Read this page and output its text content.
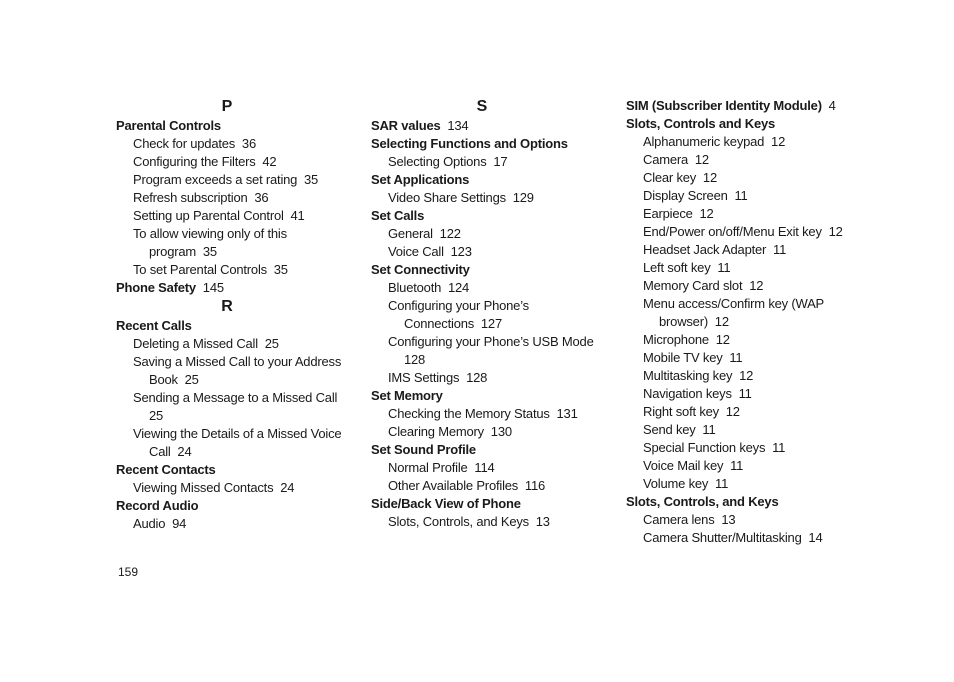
P
Parental Controls
Check for updates  36
Configuring the Filters  42
Program exceeds a set rating  35
Refresh subscription  36
Setting up Parental Control  41
To allow viewing only of this
program  35
To set Parental Controls  35
Phone Safety 145
R
Recent Calls
Deleting a Missed Call  25
Saving a Missed Call to your Address
Book  25
Sending a Message to a Missed Call
25
Viewing the Details of a Missed Voice
Call  24
Recent Contacts
Viewing Missed Contacts  24
Record Audio
Audio  94
S
SAR values 134
Selecting Functions and Options
Selecting Options  17
Set Applications
Video Share Settings  129
Set Calls
General  122
Voice Call  123
Set Connectivity
Bluetooth  124
Configuring your Phone’s
Connections  127
Configuring your Phone’s USB Mode
128
IMS Settings  128
Set Memory
Checking the Memory Status  131
Clearing Memory  130
Set Sound Profile
Normal Profile  114
Other Available Profiles  116
Side/Back View of Phone
Slots, Controls, and Keys  13
SIM (Subscriber Identity Module) 4
Slots, Controls and Keys
Alphanumeric keypad  12
Camera  12
Clear key  12
Display Screen  11
Earpiece  12
End/Power on/off/Menu Exit key  12
Headset Jack Adapter  11
Left soft key  11
Memory Card slot  12
Menu access/Confirm key (WAP
browser)  12
Microphone  12
Mobile TV key  11
Multitasking key  12
Navigation keys  11
Right soft key  12
Send key  11
Special Function keys  11
Voice Mail key  11
Volume key  11
Slots, Controls, and Keys
Camera lens  13
Camera Shutter/Multitasking  14
159
